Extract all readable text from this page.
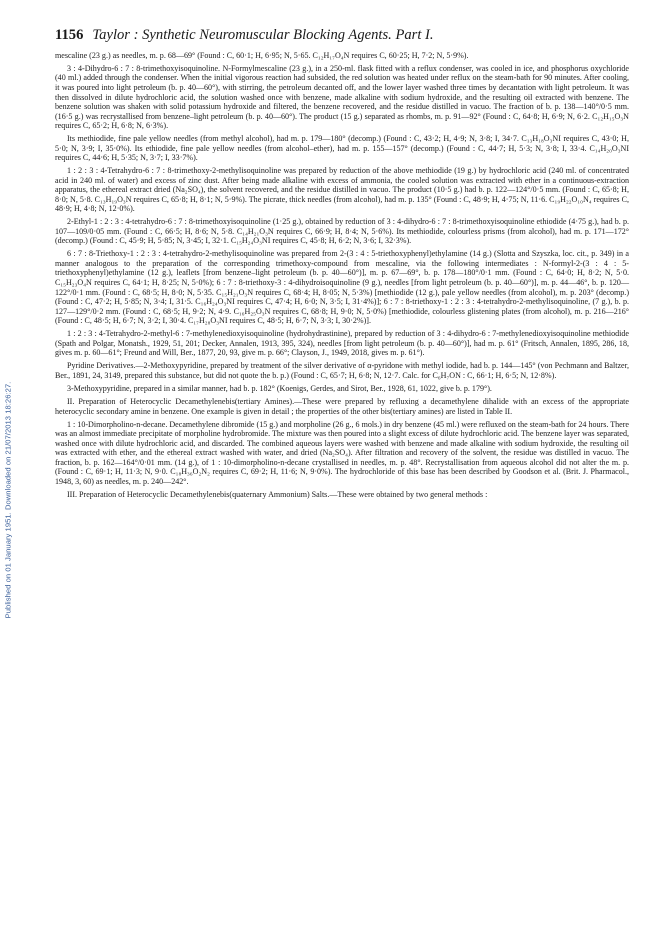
Published on 01 January 1951. Downloaded on 21/07/2013 18:26:27.
1156 Taylor : Synthetic Neuromuscular Blocking Agents. Part I.

mescaline (23 g.) as needles, m. p. 68—69° (Found : C, 60·1; H, 6·95; N, 5·65. C₁₂H₁₇O₄N requires C, 60·25; H, 7·2; N, 5·9%).

3 : 4-Dihydro-6 : 7 : 8-trimethoxyisoquinoline. N-Formylmescaline (23 g.), in a 250-ml. flask fitted with a reflux condenser, was cooled in ice, and phosphorus oxychloride (40 ml.) added through the condenser. When the initial vigorous reaction had subsided, the red solution was heated under reflux on the steam-bath for 90 minutes. After cooling, it was poured into light petroleum (b. p. 40—60°), with stirring, the petroleum decanted off, and the lower layer washed three times by decantation with light petroleum. It was then dissolved in dilute hydrochloric acid, the solution washed once with benzene, made alkaline with sodium hydroxide, and the resulting oil extracted with benzene. The benzene solution was shaken with solid potassium hydroxide and filtered, the benzene recovered, and the residue distilled in vacuo. The fraction of b. p. 138—140°/0·5 mm. (16·5 g.) was recrystallised from benzene–light petroleum (b. p. 40—60°). The product (15 g.) separated as rhombs, m. p. 91—92° (Found : C, 64·8; H, 6·9; N, 6·2. C₁₂H₁₅O₃N requires C, 65·2; H, 6·8; N, 6·3%).

Its methiodide, fine pale yellow needles (from methyl alcohol), had m. p. 179—180° (decomp.) (Found : C, 43·2; H, 4·9; N, 3·8; I, 34·7. C₁₃H₁₈O₃NI requires C, 43·0; H, 5·0; N, 3·9; I, 35·0%). Its ethiodide, fine pale yellow needles (from alcohol–ether), had m. p. 155—157° (decomp.) (Found : C, 44·7; H, 5·3; N, 3·8; I, 33·4. C₁₄H₂₀O₃NI requires C, 44·6; H, 5·35; N, 3·7; I, 33·7%).

1 : 2 : 3 : 4-Tetrahydro-6 : 7 : 8-trimethoxy-2-methylisoquinoline was prepared by reduction of the above methiodide (19 g.) by hydrochloric acid (240 ml. of concentrated acid in 240 ml. of water) and excess of zinc dust. After being made alkaline with excess of ammonia, the cooled solution was extracted with ether in a continuous-extraction apparatus, the ethereal extract dried (Na₂SO₄), the solvent recovered, and the residue distilled in vacuo. The product (10·5 g.) had b. p. 122—124°/0·5 mm. (Found : C, 65·8; H, 8·0; N, 5·8. C₁₃H₁₉O₃N requires C, 65·8; H, 8·1; N, 5·9%). The picrate, thick needles (from alcohol), had m. p. 135° (Found : C, 48·9; H, 4·75; N, 11·6. C₁₉H₂₂O₁₀N₄ requires C, 48·9; H, 4·8; N, 12·0%).

2-Ethyl-1 : 2 : 3 : 4-tetrahydro-6 : 7 : 8-trimethoxyisoquinoline (1·25 g.), obtained by reduction of 3 : 4-dihydro-6 : 7 : 8-trimethoxyisoquinoline ethiodide (4·75 g.), had b. p. 107—109/0·05 mm. (Found : C, 66·5; H, 8·6; N, 5·8. C₁₄H₂₁O₃N requires C, 66·9; H, 8·4; N, 5·6%). Its methiodide, colourless prisms (from alcohol), had m. p. 171—172° (decomp.) (Found : C, 45·9; H, 5·85; N, 3·45; I, 32·1. C₁₅H₂₄O₃NI requires C, 45·8; H, 6·2; N, 3·6; I, 32·3%).

6 : 7 : 8-Triethoxy-1 : 2 : 3 : 4-tetrahydro-2-methylisoquinoline was prepared from 2-(3 : 4 : 5-triethoxyphenyl)ethylamine (14 g.) (Slotta and Szyszka, loc. cit., p. 349) in a manner analogous to the preparation of the corresponding trimethoxy-compound from mescaline, via the following intermediates : N-formyl-2-(3 : 4 : 5-triethoxyphenyl)ethylamine (12 g.), leaflets [from benzene–light petroleum (b. p. 40—60°)], m. p. 67—69°, b. p. 178—180°/0·1 mm. (Found : C, 64·0; H, 8·2; N, 5·0. C₁₅H₂₃O₄N requires C, 64·1; H, 8·25; N, 5·0%); 6 : 7 : 8-triethoxy-3 : 4-dihydroisoquinoline (9 g.), needles [from light petroleum (b. p. 40—60°)], m. p. 44—46°, b. p. 120—122°/0·1 mm. (Found : C, 68·5; H, 8·0; N, 5·35. C₁₅H₂₁O₃N requires C, 68·4; H, 8·05; N, 5·3%) [methiodide (12 g.), pale yellow needles (from alcohol), m. p. 203° (decomp.) (Found : C, 47·2; H, 5·85; N, 3·4; I, 31·5. C₁₆H₂₄O₃NI requires C, 47·4; H, 6·0; N, 3·5; I, 31·4%)]; 6 : 7 : 8-triethoxy-1 : 2 : 3 : 4-tetrahydro-2-methylisoquinoline, (7 g.), b. p. 127—129°/0·2 mm. (Found : C, 68·5; H, 9·2; N, 4·9. C₁₆H₂₅O₃N requires C, 68·8; H, 9·0; N, 5·0%) [methiodide, colourless glistening plates (from alcohol), m. p. 216—216° (Found : C, 48·5; H, 6·7; N, 3·2; I, 30·4. C₁₇H₂₈O₃NI requires C, 48·5; H, 6·7; N, 3·3; I, 30·2%)].

1 : 2 : 3 : 4-Tetrahydro-2-methyl-6 : 7-methylenedioxyisoquinoline (hydrohydrastinine), prepared by reduction of 3 : 4-dihydro-6 : 7-methylenedioxyisoquinoline methiodide (Spath and Polgar, Monatsh., 1929, 51, 201; Decker, Annalen, 1913, 395, 324), needles [from light petroleum (b. p. 40—60°)], had m. p. 61° (Fritsch, Annalen, 1895, 286, 18, gives m. p. 60—61°; Freund and Will, Ber., 1877, 20, 93, give m. p. 66°; Clayson, J., 1949, 2018, gives m. p. 61°).

Pyridine Derivatives.—2-Methoxypyridine, prepared by treatment of the silver derivative of α-pyridone with methyl iodide, had b. p. 144—145° (von Pechmann and Baltzer, Ber., 1891, 24, 3149, prepared this substance, but did not quote the b. p.) (Found : C, 65·7; H, 6·8; N, 12·7. Calc. for C₆H₇ON : C, 66·1; H, 6·5; N, 12·8%).

3-Methoxypyridine, prepared in a similar manner, had b. p. 182° (Koenigs, Gerdes, and Sirot, Ber., 1928, 61, 1022, give b. p. 179°).

II. Preparation of Heterocyclic Decamethylenebis(tertiary Amines).—These were prepared by refluxing a decamethylene dihalide with an excess of the appropriate heterocyclic secondary amine in benzene. One example is given in detail ; the properties of the other bis(tertiary amines) are listed in Table II.

1 : 10-Dimorpholino-n-decane. Decamethylene dibromide (15 g.) and morpholine (26 g., 6 mols.) in dry benzene (45 ml.) were refluxed on the steam-bath for 24 hours. There was an almost immediate precipitate of morpholine hydrobromide. The mixture was then poured into a slight excess of dilute hydrochloric acid. The benzene layer was separated, washed once with dilute hydrochloric acid, and discarded. The combined aqueous layers were washed with benzene and made alkaline with sodium hydroxide, the resulting oil was extracted with ether, and the ethereal extract washed with water, and dried (Na₂SO₄). After filtration and recovery of the solvent, the residue was distilled in vacuo. The fraction, b. p. 162—164°/0·01 mm. (14 g.), of 1 : 10-dimorpholino-n-decane crystallised in needles, m. p. 48°. Recrystallisation from aqueous alcohol did not alter the m. p. (Found : C, 69·1; H, 11·3; N, 9·0. C₁₈H₃₆O₂N₂ requires C, 69·2; H, 11·6; N, 9·0%). The hydrochloride of this base has been described by Goodson et al. (Brit. J. Pharmacol., 1948, 3, 60) as needles, m. p. 240—242°.

III. Preparation of Heterocyclic Decamethylenebis(quaternary Ammonium) Salts.—These were obtained by two general methods :
